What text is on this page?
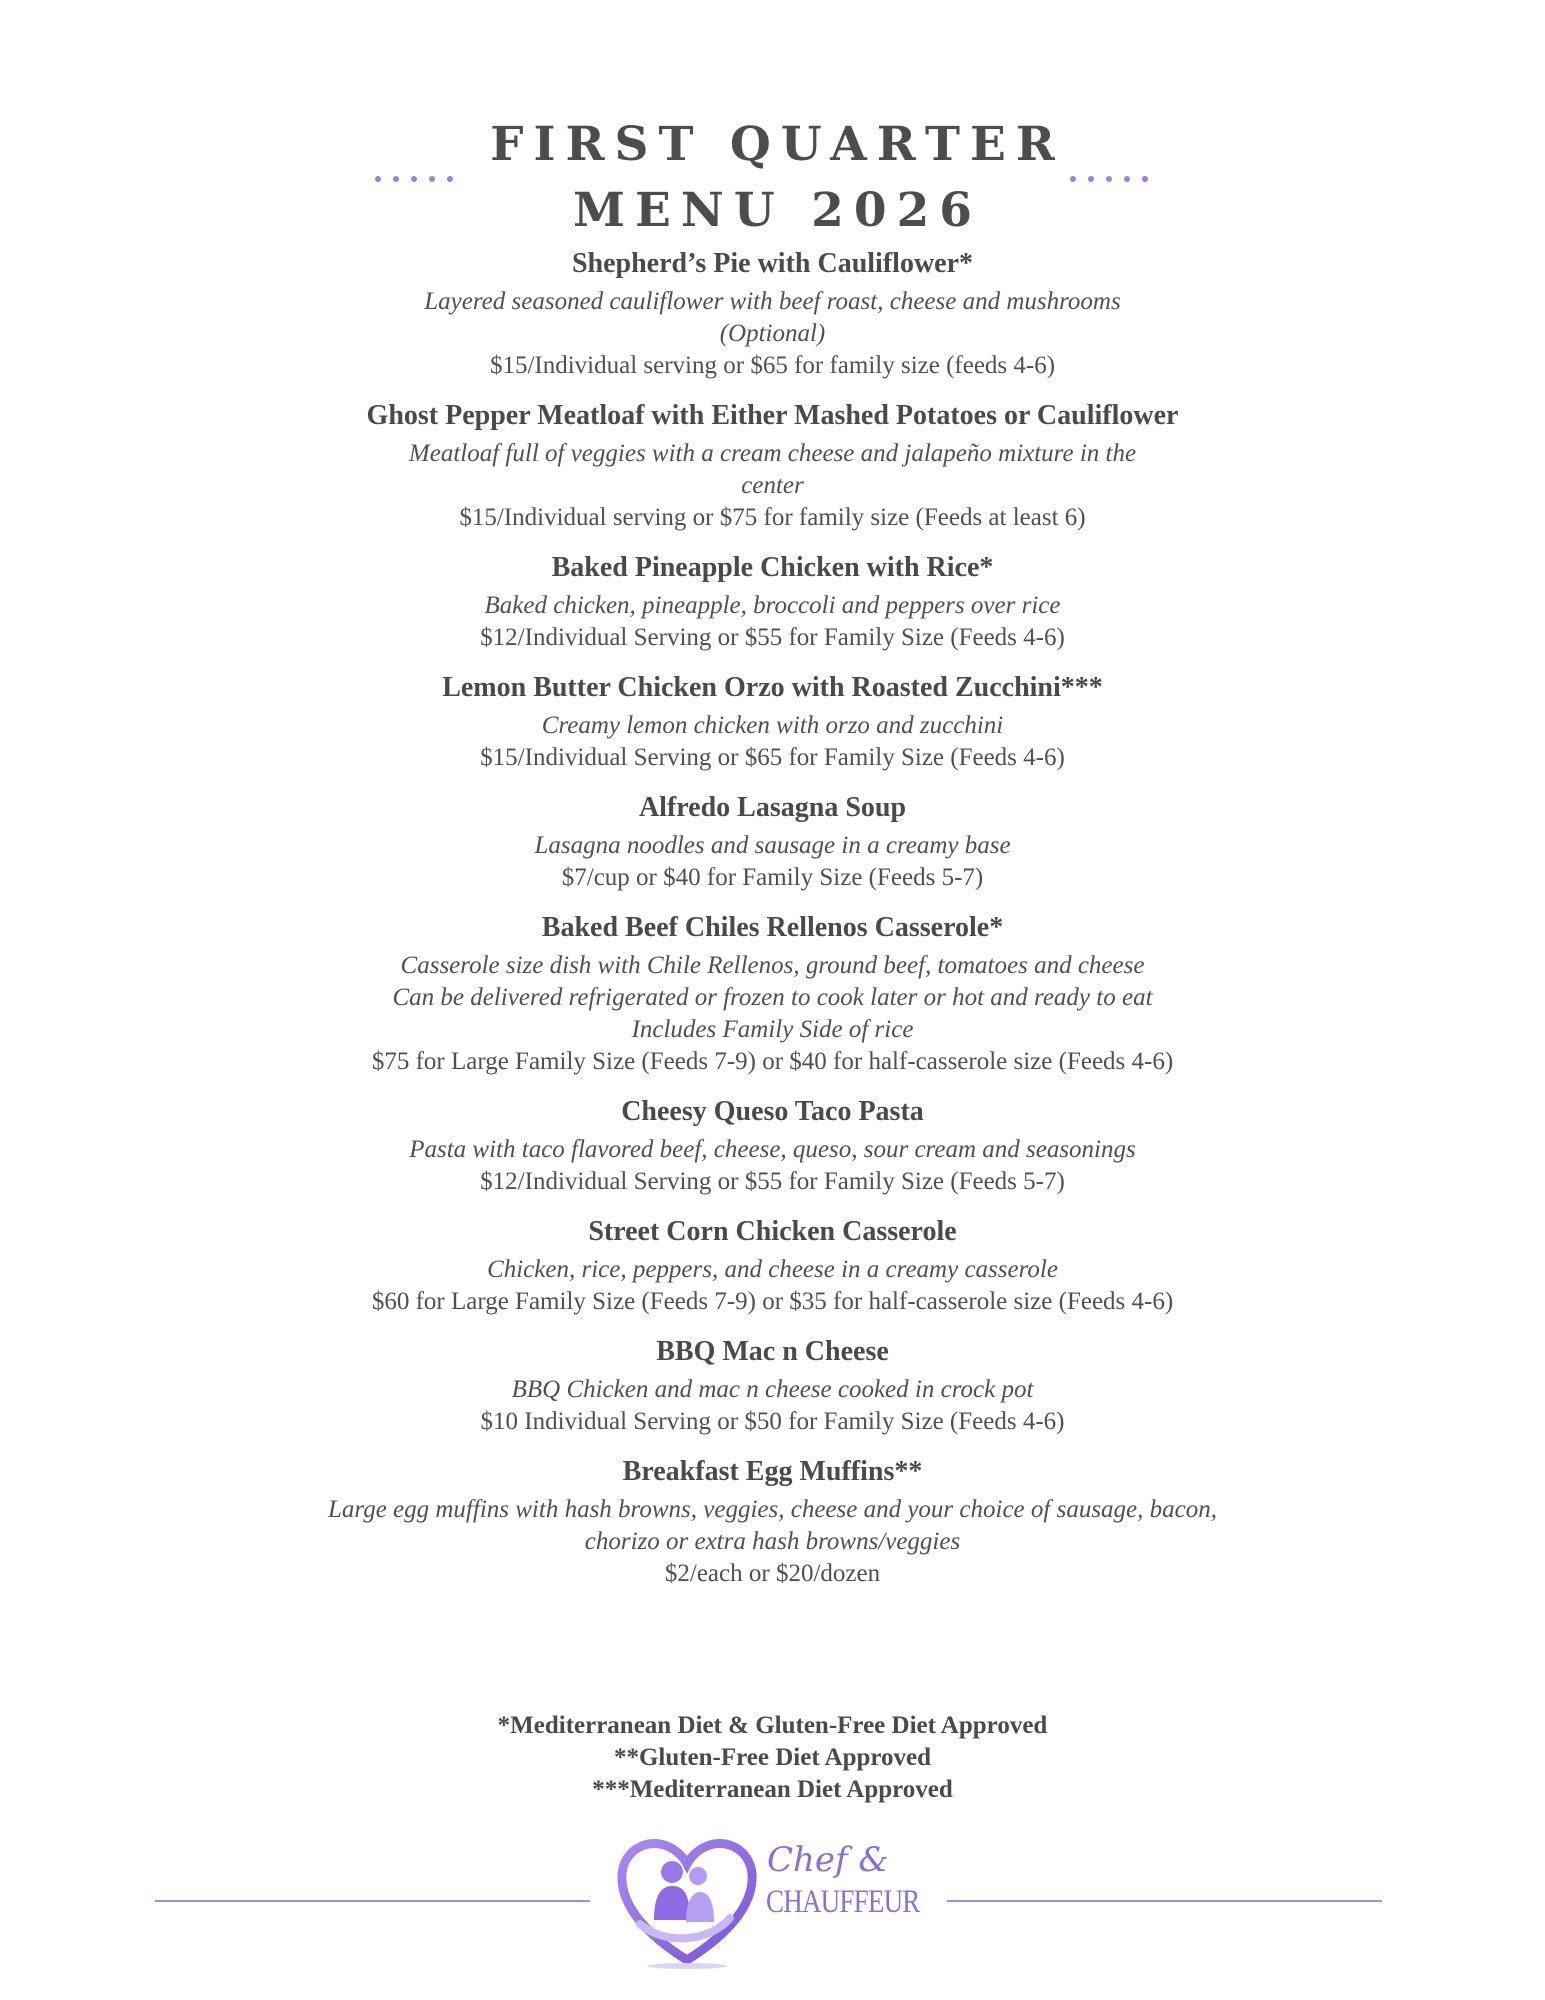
FIRST QUARTER
MENU 2026
Shepherd’s Pie with Cauliflower*
Layered seasoned cauliflower with beef roast, cheese and mushrooms (Optional)
$15/Individual serving or $65 for family size (feeds 4-6)
Ghost Pepper Meatloaf with Either Mashed Potatoes or Cauliflower
Meatloaf full of veggies with a cream cheese and jalapeño mixture in the center
$15/Individual serving or $75 for family size (Feeds at least 6)
Baked Pineapple Chicken with Rice*
Baked chicken, pineapple, broccoli and peppers over rice
$12/Individual Serving or $55 for Family Size (Feeds 4-6)
Lemon Butter Chicken Orzo with Roasted Zucchini***
Creamy lemon chicken with orzo and zucchini
$15/Individual Serving or $65 for Family Size (Feeds 4-6)
Alfredo Lasagna Soup
Lasagna noodles and sausage in a creamy base
$7/cup or $40 for Family Size (Feeds 5-7)
Baked Beef Chiles Rellenos Casserole*
Casserole size dish with Chile Rellenos, ground beef, tomatoes and cheese
Can be delivered refrigerated or frozen to cook later or hot and ready to eat
Includes Family Side of rice
$75 for Large Family Size (Feeds 7-9) or $40 for half-casserole size (Feeds 4-6)
Cheesy Queso Taco Pasta
Pasta with taco flavored beef, cheese, queso, sour cream and seasonings
$12/Individual Serving or $55 for Family Size (Feeds 5-7)
Street Corn Chicken Casserole
Chicken, rice, peppers, and cheese in a creamy casserole
$60 for Large Family Size (Feeds 7-9) or $35 for half-casserole size (Feeds 4-6)
BBQ Mac n Cheese
BBQ Chicken and mac n cheese cooked in crock pot
$10 Individual Serving or $50 for Family Size (Feeds 4-6)
Breakfast Egg Muffins**
Large egg muffins with hash browns, veggies, cheese and your choice of sausage, bacon, chorizo or extra hash browns/veggies
$2/each or $20/dozen
*Mediterranean Diet & Gluten-Free Diet Approved
**Gluten-Free Diet Approved
***Mediterranean Diet Approved
Chef &
CHAUFFEUR
